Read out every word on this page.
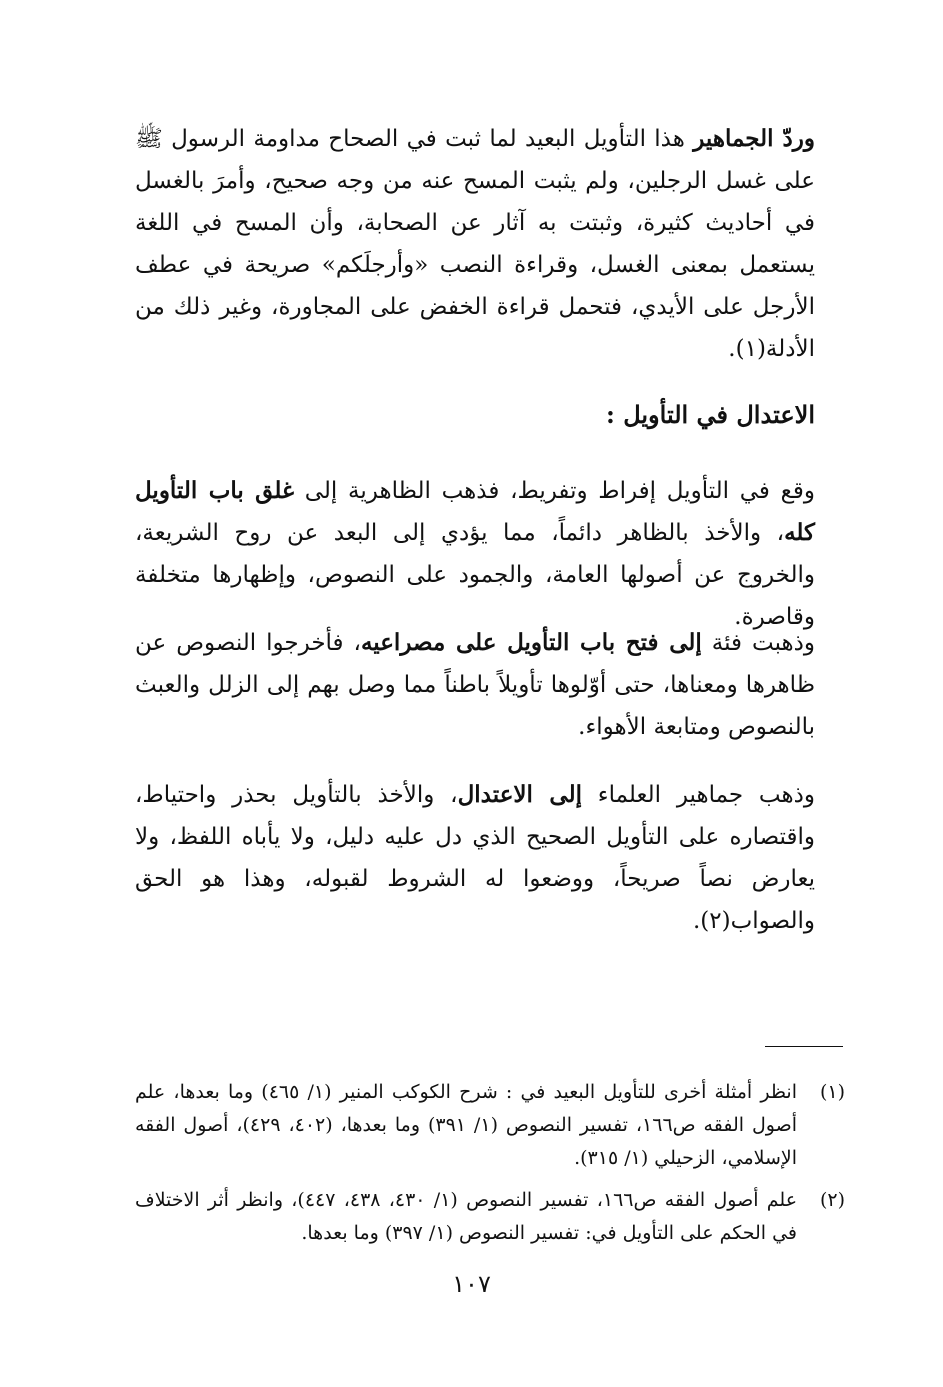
وردّ الجماهير هذا التأويل البعيد لما ثبت في الصحاح مداومة الرسول ﷺ على غسل الرجلين، ولم يثبت المسح عنه من وجه صحيح، وأمرَ بالغسل في أحاديث كثيرة، وثبتت به آثار عن الصحابة، وأن المسح في اللغة يستعمل بمعنى الغسل، وقراءة النصب «وأرجلَكم» صريحة في عطف الأرجل على الأيدي، فتحمل قراءة الخفض على المجاورة، وغير ذلك من الأدلة(١).

الاعتدال في التأويل :

وقع في التأويل إفراط وتفريط، فذهب الظاهرية إلى غلق باب التأويل كله، والأخذ بالظاهر دائماً، مما يؤدي إلى البعد عن روح الشريعة، والخروج عن أصولها العامة، والجمود على النصوص، وإظهارها متخلفة وقاصرة.

وذهبت فئة إلى فتح باب التأويل على مصراعيه، فأخرجوا النصوص عن ظاهرها ومعناها، حتى أوّلوها تأويلاً باطناً مما وصل بهم إلى الزلل والعبث بالنصوص ومتابعة الأهواء.

وذهب جماهير العلماء إلى الاعتدال، والأخذ بالتأويل بحذر واحتياط، واقتصاره على التأويل الصحيح الذي دل عليه دليل، ولا يأباه اللفظ، ولا يعارض نصاً صريحاً، ووضعوا له الشروط لقبوله، وهذا هو الحق والصواب(٢).

(١)
انظر أمثلة أخرى للتأويل البعيد في : شرح الكوكب المنير (١/ ٤٦٥) وما بعدها، علم أصول الفقه ص١٦٦، تفسير النصوص (١/ ٣٩١) وما بعدها، (٤٠٢، ٤٢٩)، أصول الفقه الإسلامي، الزحيلي (١/ ٣١٥).
(٢)
علم أصول الفقه ص١٦٦، تفسير النصوص (١/ ٤٣٠، ٤٣٨، ٤٤٧)، وانظر أثر الاختلاف في الحكم على التأويل في: تفسير النصوص (١/ ٣٩٧) وما بعدها.
١٠٧
